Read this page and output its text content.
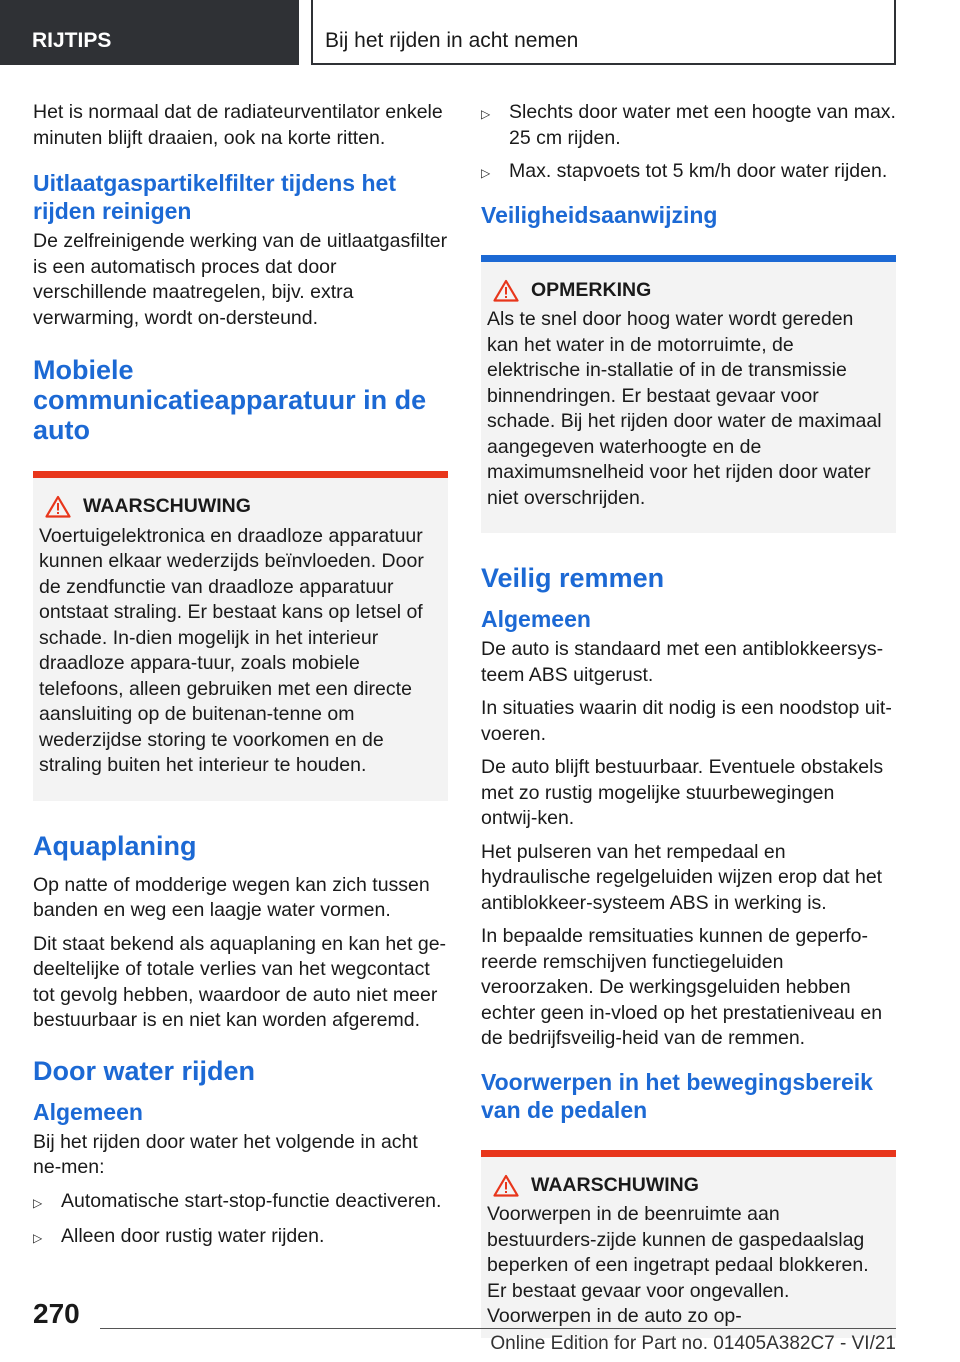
RIJTIPS	Bij het rijden in acht nemen

Het is normaal dat de radiateurventilator enkele minuten blijft draaien, ook na korte ritten.

Uitlaatgaspartikelfilter tijdens het rijden reinigen

De zelfreinigende werking van de uitlaatgasfilter is een automatisch proces dat door verschillende maatregelen, bijv. extra verwarming, wordt on-dersteund.

Mobiele communicatieapparatuur in de auto
WAARSCHUWING

Voertuigelektronica en draadloze apparatuur kunnen elkaar wederzijds beïnvloeden. Door de zendfunctie van draadloze apparatuur ontstaat straling. Er bestaat kans op letsel of schade. In-dien mogelijk in het interieur draadloze appara-tuur, zoals mobiele telefoons, alleen gebruiken met een directe aansluiting op de buitenan-tenne om wederzijdse storing te voorkomen en de straling buiten het interieur te houden.

Aquaplaning

Op natte of modderige wegen kan zich tussen banden en weg een laagje water vormen.

Dit staat bekend als aquaplaning en kan het ge-deeltelijke of totale verlies van het wegcontact tot gevolg hebben, waardoor de auto niet meer bestuurbaar is en niet kan worden afgeremd.

Door water rijden
Algemeen

Bij het rijden door water het volgende in acht ne-men:

▷ Automatische start-stop-functie deactiveren.
▷ Alleen door rustig water rijden.
▷ Slechts door water met een hoogte van max. 25 cm rijden.
▷ Max. stapvoets tot 5 km/h door water rijden.
Veiligheidsaanwijzing
OPMERKING

Als te snel door hoog water wordt gereden kan het water in de motorruimte, de elektrische in-stallatie of in de transmissie binnendringen. Er bestaat gevaar voor schade. Bij het rijden door water de maximaal aangegeven waterhoogte en de maximumsnelheid voor het rijden door water niet overschrijden.

Veilig remmen
Algemeen

De auto is standaard met een antiblokkeersys-teem ABS uitgerust.

In situaties waarin dit nodig is een noodstop uit-voeren.

De auto blijft bestuurbaar. Eventuele obstakels met zo rustig mogelijke stuurbewegingen ontwij-ken.

Het pulseren van het rempedaal en hydraulische regelgeluiden wijzen erop dat het antiblokkeer-systeem ABS in werking is.

In bepaalde remsituaties kunnen de geperfo-reerde remschijven functiegeluiden veroorzaken. De werkingsgeluiden hebben echter geen in-vloed op het prestatieniveau en de bedrijfsveilig-heid van de remmen.

Voorwerpen in het bewegingsbereik van de pedalen
WAARSCHUWING

Voorwerpen in de beenruimte aan bestuurders-zijde kunnen de gaspedaalslag beperken of een ingetrapt pedaal blokkeren. Er bestaat gevaar voor ongevallen. Voorwerpen in de auto zo op-

270
Online Edition for Part no. 01405A382C7 - VI/21
